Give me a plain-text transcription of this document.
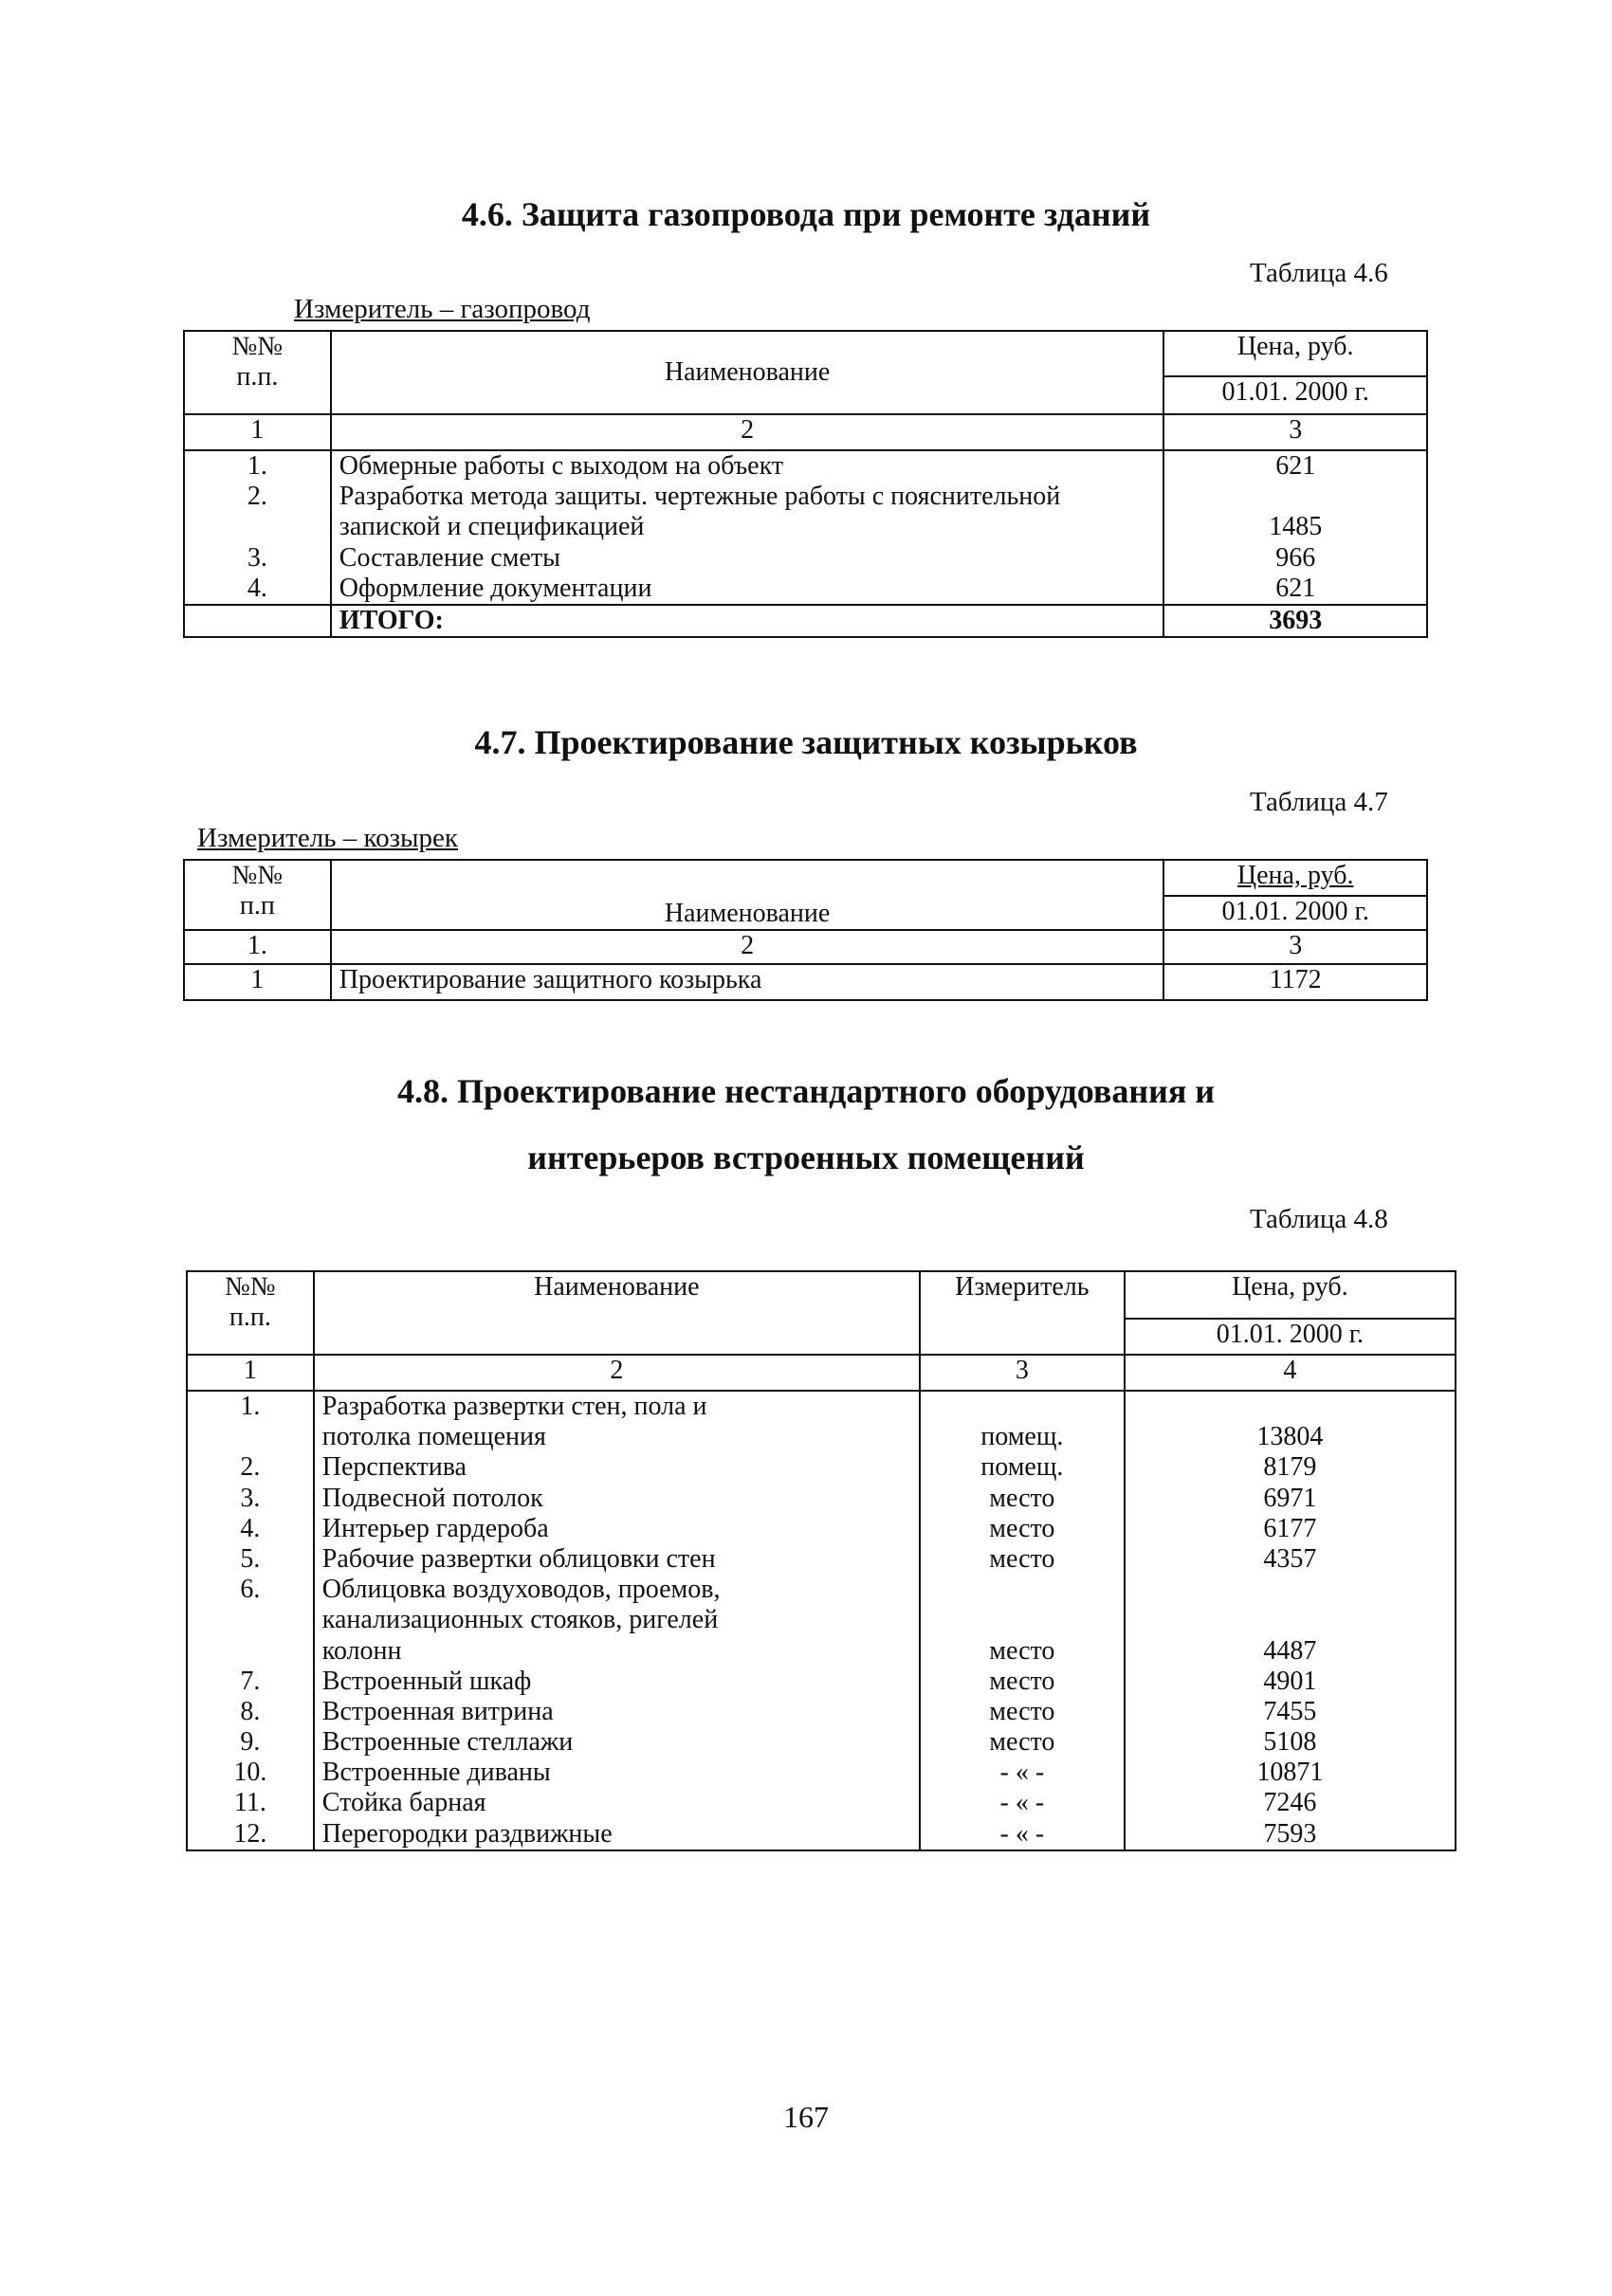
4.6. Защита газопровода при ремонте зданий
Таблица 4.6
Измеритель – газопровод
№№
п.п.	Наименование	Цена, руб.
		01.01. 2000 г.
1	2	3
1.	Обмерные работы с выходом на объект	621
2.	Разработка метода защиты. чертежные работы с пояснительной запиской и спецификацией	1485
3.	Составление сметы	966
4.	Оформление документации	621
	ИТОГО:	3693
4.7. Проектирование защитных козырьков
Таблица 4.7
Измеритель – козырек
№№
п.п	Наименование	Цена, руб.
		01.01. 2000 г.
1.	2	3
1	Проектирование защитного козырька	1172
4.8. Проектирование нестандартного оборудования и
интерьеров встроенных помещений
Таблица 4.8
№№
п.п.	Наименование	Измеритель	Цена, руб.
			01.01. 2000 г.
1	2	3	4
1.	Разработка развертки стен, пола и потолка помещения	помещ.	13804
2.	Перспектива	помещ.	8179
3.	Подвесной потолок	место	6971
4.	Интерьер гардероба	место	6177
5.	Рабочие развертки облицовки стен	место	4357
6.	Облицовка воздуховодов, проемов, канализационных стояков, ригелей колонн	место	4487
7.	Встроенный шкаф	место	4901
8.	Встроенная витрина	место	7455
9.	Встроенные стеллажи	место	5108
10.	Встроенные диваны	- « -	10871
11.	Стойка барная	- « -	7246
12.	Перегородки раздвижные	- « -	7593
167
